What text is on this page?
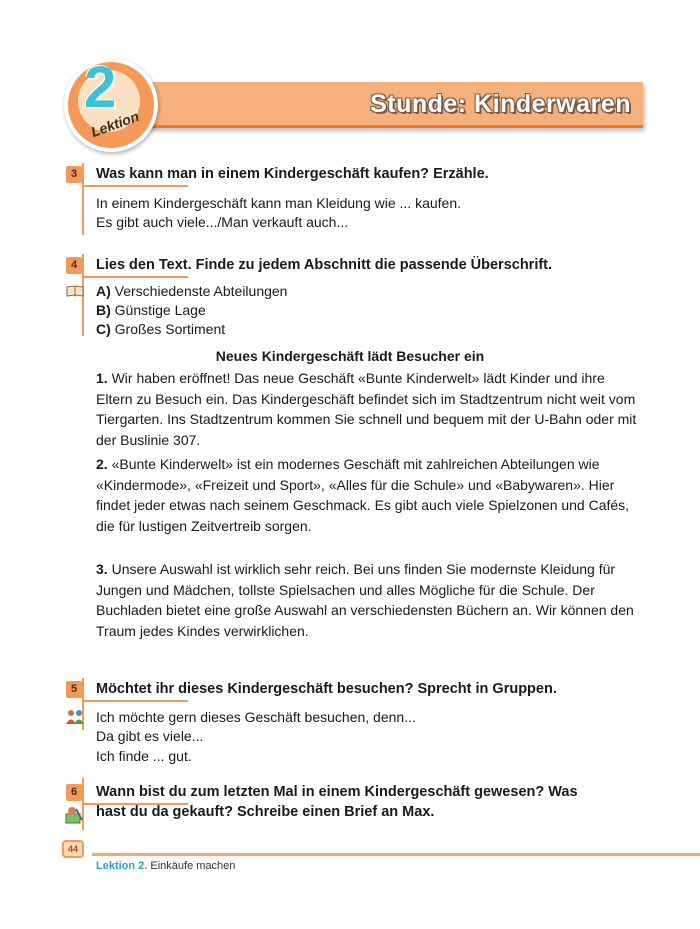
Stunde: Kinderwaren
2
Lektion
3	Was kann man in einem Kindergeschäft kaufen? Erzähle.
In einem Kindergeschäft kann man Kleidung wie ... kaufen.
Es gibt auch viele.../Man verkauft auch...
4	Lies den Text. Finde zu jedem Abschnitt die passende Überschrift.
A) Verschiedenste Abteilungen
B) Günstige Lage
C) Großes Sortiment
Neues Kindergeschäft lädt Besucher ein
1. Wir haben eröffnet! Das neue Geschäft «Bunte Kinderwelt» lädt Kinder und ihre Eltern zu Besuch ein. Das Kindergeschäft befindet sich im Stadtzentrum nicht weit vom Tiergarten. Ins Stadtzentrum kommen Sie schnell und bequem mit der U-Bahn oder mit der Buslinie 307.
2. «Bunte Kinderwelt» ist ein modernes Geschäft mit zahlreichen Abteilungen wie «Kindermode», «Freizeit und Sport», «Alles für die Schule» und «Babywaren». Hier findet jeder etwas nach seinem Geschmack. Es gibt auch viele Spielzonen und Cafés, die für lustigen Zeitvertreib sorgen.
3. Unsere Auswahl ist wirklich sehr reich. Bei uns finden Sie modernste Kleidung für Jungen und Mädchen, tollste Spielsachen und alles Mögliche für die Schule. Der Buchladen bietet eine große Auswahl an verschiedensten Büchern an. Wir können den Traum jedes Kindes verwirklichen.
5	Möchtet ihr dieses Kindergeschäft besuchen? Sprecht in Gruppen.
Ich möchte gern dieses Geschäft besuchen, denn...
Da gibt es viele...
Ich finde ... gut.
6	Wann bist du zum letzten Mal in einem Kindergeschäft gewesen? Was
hast du da gekauft? Schreibe einen Brief an Max.
44
Lektion 2. Einkäufe machen
